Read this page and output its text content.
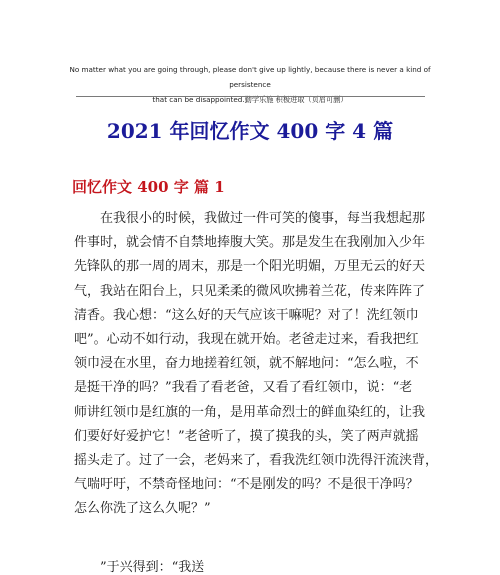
No matter what you are going through, please don't give up lightly, because there is never a kind of persistence
that can be disappointed.勤学乐施 积极进取（页眉可删）
2021 年回忆作文 400 字 4 篇
回忆作文 400 字 篇 1
在我很小的时候，我做过一件可笑的傻事，每当我想起那
件事时，就会情不自禁地捧腹大笑。那是发生在我刚加入少年
先锋队的那一周的周末，那是一个阳光明媚，万里无云的好天
气，我站在阳台上，只见柔柔的微风吹拂着兰花，传来阵阵了
清香。我心想：“这么好的天气应该干嘛呢？对了！洗红领巾
吧”。心动不如行动，我现在就开始。老爸走过来，看我把红
领巾浸在水里，奋力地搓着红领，就不解地问：“怎么啦，不
是挺干净的吗？”我看了看老爸，又看了看红领巾，说：“老
师讲红领巾是红旗的一角，是用革命烈士的鲜血染红的，让我
们要好好爱护它！”老爸听了，摸了摸我的头，笑了两声就摇
摇头走了。过了一会，老妈来了，看我洗红领巾洗得汗流浃背，
气喘吁吁，不禁奇怪地问：“不是刚发的吗？不是很干净吗？
怎么你洗了这么久呢？”
”于兴得到：“我送
